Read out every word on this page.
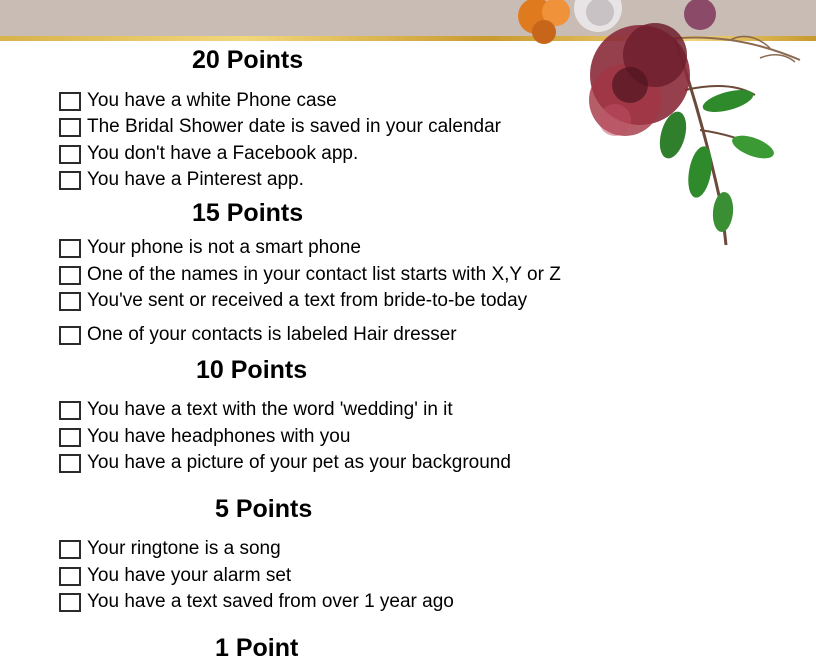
20 Points
You have a white Phone case
The Bridal Shower date is saved in your calendar
You don't have a Facebook app.
You have a Pinterest app.
15 Points
Your phone is not a smart phone
One of the names in your contact list starts with X,Y or Z
You've sent or received a text from bride-to-be today
One of your contacts is labeled Hair dresser
10 Points
You have a text with the word 'wedding' in it
You have headphones with you
You have a picture of your pet as your background
5 Points
Your ringtone is a song
You have your alarm set
You have a text saved from over 1 year ago
1 Point
